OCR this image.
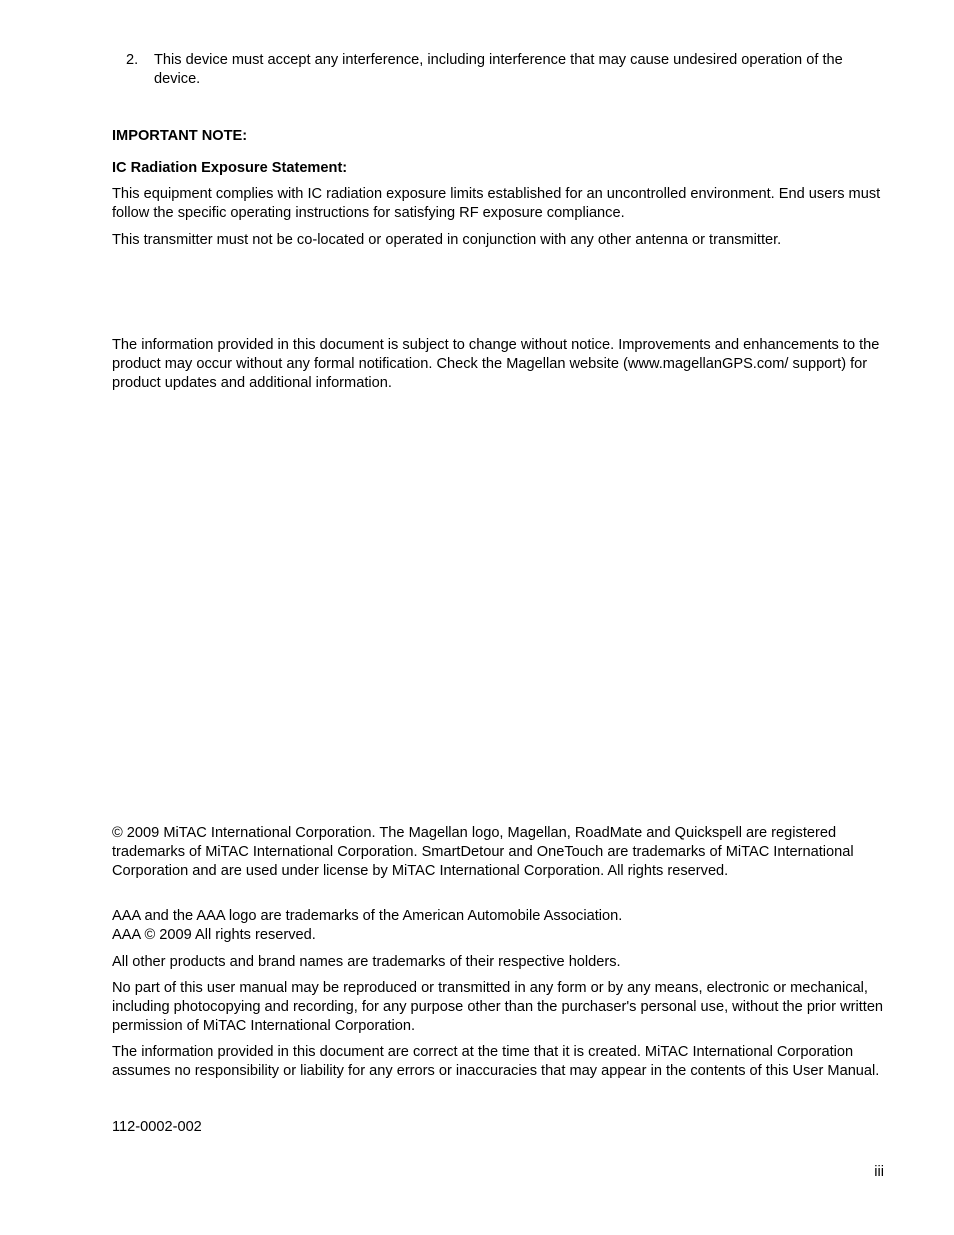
2. This device must accept any interference, including interference that may cause undesired operation of the device.

IMPORTANT NOTE:

IC Radiation Exposure Statement:

This equipment complies with IC radiation exposure limits established for an uncontrolled environment. End users must follow the specific operating instructions for satisfying RF exposure compliance.

This transmitter must not be co-located or operated in conjunction with any other antenna or transmitter.

The information provided in this document is subject to change without notice. Improvements and enhancements to the product may occur without any formal notification. Check the Magellan website (www.magellanGPS.com/ support) for product updates and additional information.

© 2009 MiTAC International Corporation. The Magellan logo, Magellan, RoadMate and Quickspell are registered trademarks of MiTAC International Corporation. SmartDetour and OneTouch are trademarks of MiTAC International Corporation and are used under license by MiTAC International Corporation. All rights reserved.

AAA and the AAA logo are trademarks of the American Automobile Association.
AAA © 2009 All rights reserved.

All other products and brand names are trademarks of their respective holders.

No part of this user manual may be reproduced or transmitted in any form or by any means, electronic or mechanical, including photocopying and recording, for any purpose other than the purchaser's personal use, without the prior written permission of MiTAC International Corporation.

The information provided in this document are correct at the time that it is created. MiTAC International Corporation assumes no responsibility or liability for any errors or inaccuracies that may appear in the contents of this User Manual.

112-0002-002

iii
